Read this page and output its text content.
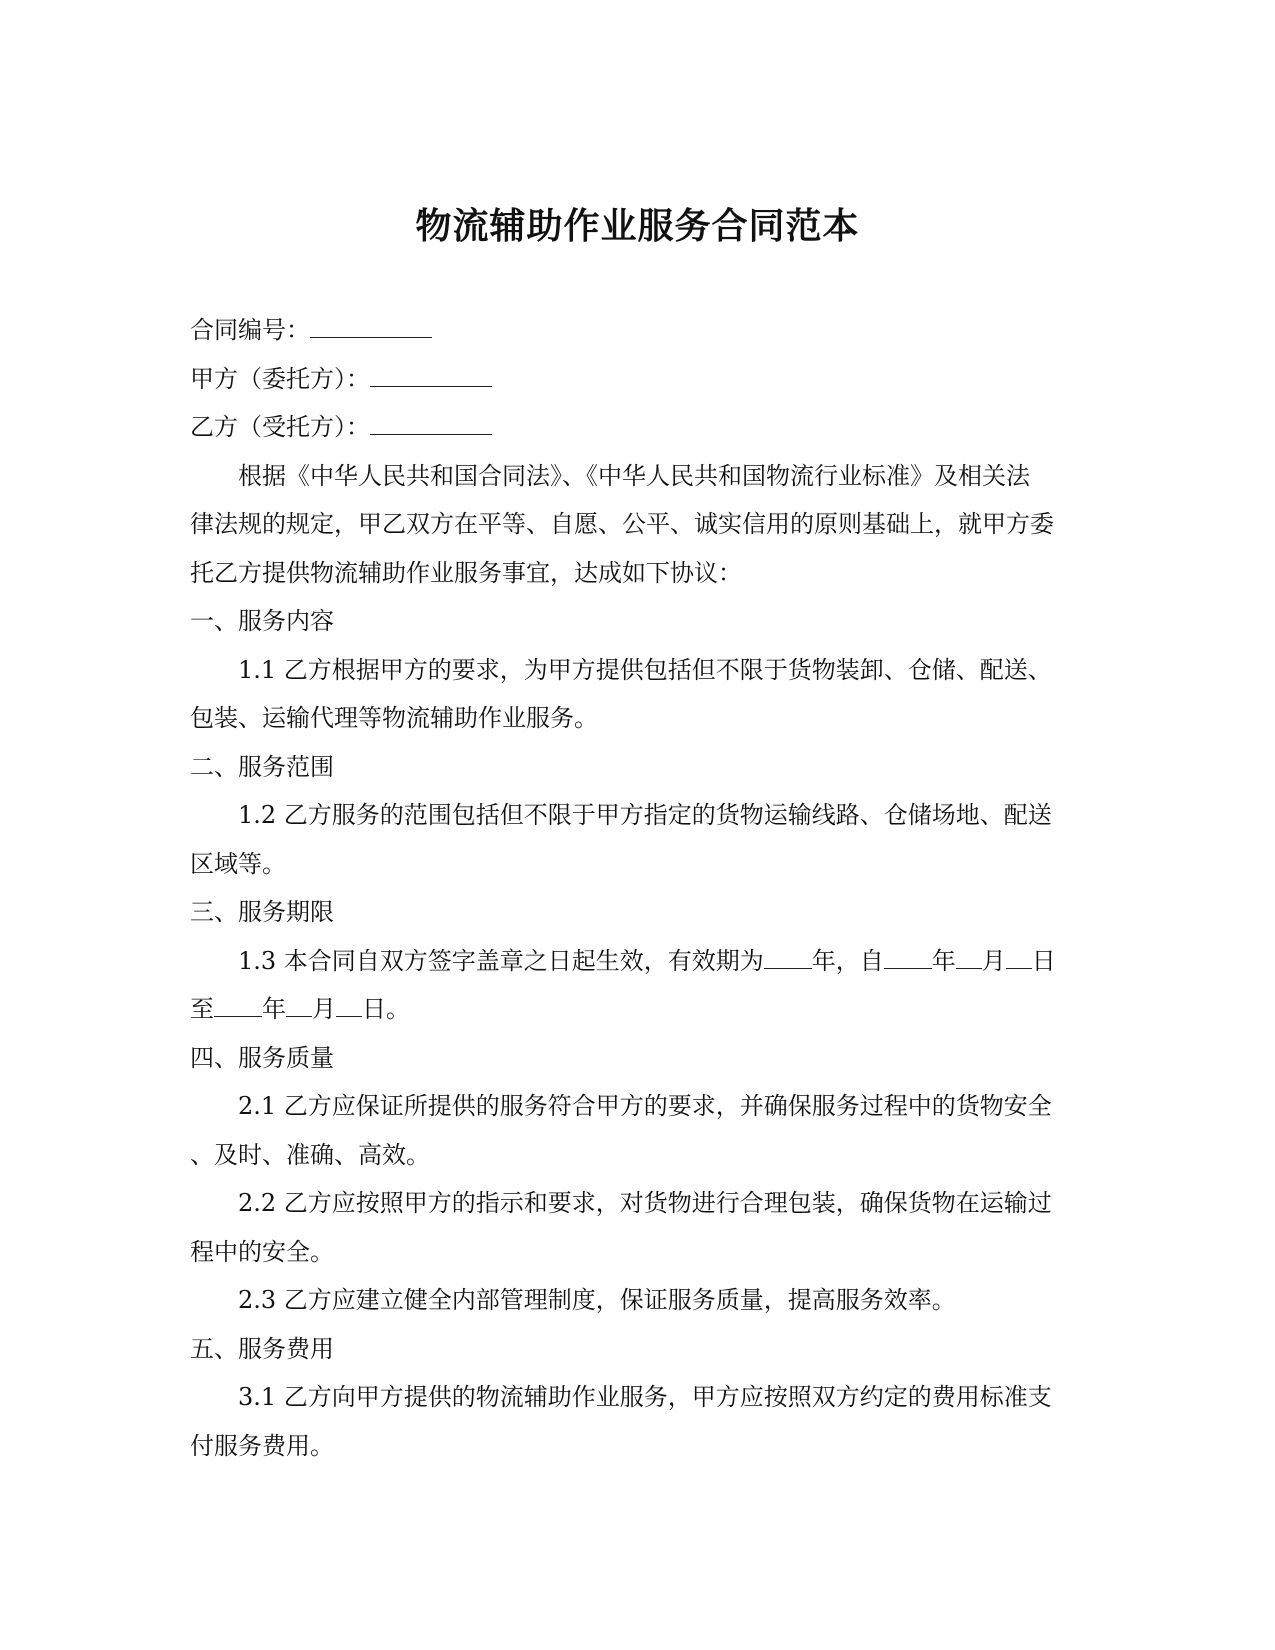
物流辅助作业服务合同范本
合同编号：
甲方（委托方）：
乙方（受托方）：
根据《中华人民共和国合同法》、《中华人民共和国物流行业标准》及相关法
律法规的规定，甲乙双方在平等、自愿、公平、诚实信用的原则基础上，就甲方委
托乙方提供物流辅助作业服务事宜，达成如下协议：
一、服务内容
1.1 乙方根据甲方的要求，为甲方提供包括但不限于货物装卸、仓储、配送、
包装、运输代理等物流辅助作业服务。
二、服务范围
1.2 乙方服务的范围包括但不限于甲方指定的货物运输线路、仓储场地、配送
区域等。
三、服务期限
1.3 本合同自双方签字盖章之日起生效，有效期为 年，自 年 月 日
至 年 月 日。
四、服务质量
2.1 乙方应保证所提供的服务符合甲方的要求，并确保服务过程中的货物安全
、及时、准确、高效。
2.2 乙方应按照甲方的指示和要求，对货物进行合理包装，确保货物在运输过
程中的安全。
2.3 乙方应建立健全内部管理制度，保证服务质量，提高服务效率。
五、服务费用
3.1 乙方向甲方提供的物流辅助作业服务，甲方应按照双方约定的费用标准支
付服务费用。
